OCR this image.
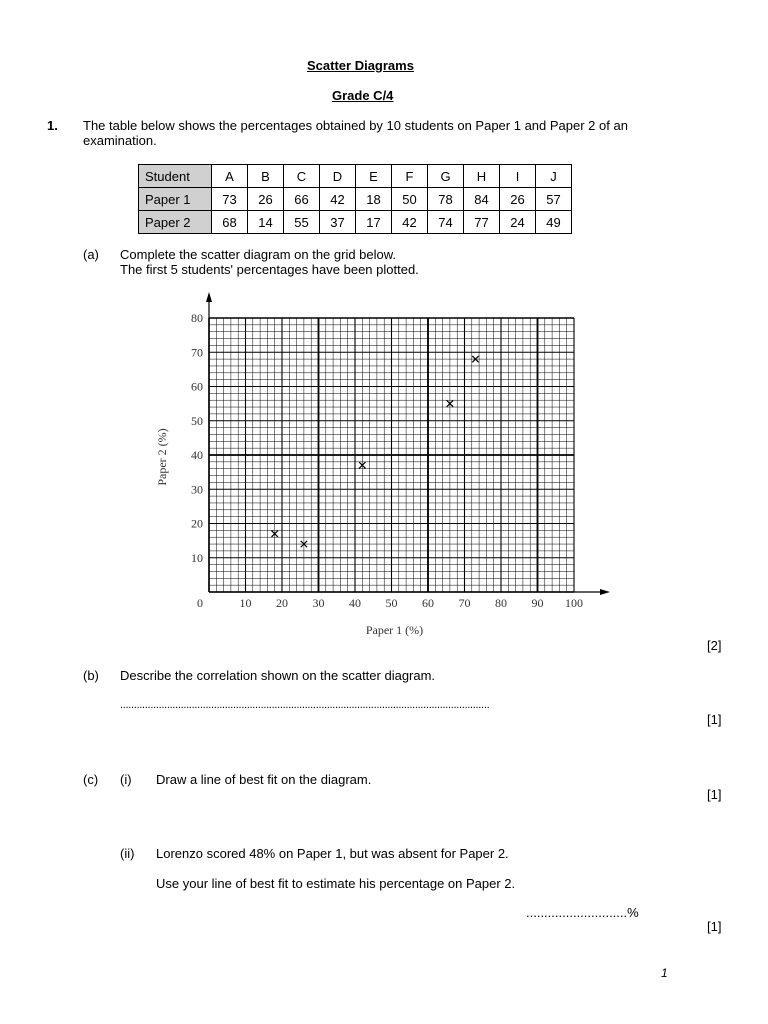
Scatter Diagrams
Grade C/4
1. The table below shows the percentages obtained by 10 students on Paper 1 and Paper 2 of an
examination.
Student	A	B	C	D	E	F	G	H	I	J
Paper 1	73	26	66	42	18	50	78	84	26	57
Paper 2	68	14	55	37	17	42	74	77	24	49
(a) Complete the scatter diagram on the grid below.
The first 5 students' percentages have been plotted.
0	10 20 30 40 50 60 70 80 90 100
10
20
30
40
50
60
70
80
Paper 1 (%)
Paper 2 (%)
[2]
(b) Describe the correlation shown on the scatter diagram.
......................................................................................................................................
[1]
(c) (i) Draw a line of best fit on the diagram.
[1]
(ii) Lorenzo scored 48% on Paper 1, but was absent for Paper 2.
Use your line of best fit to estimate his percentage on Paper 2.
............................%
[1]
1
